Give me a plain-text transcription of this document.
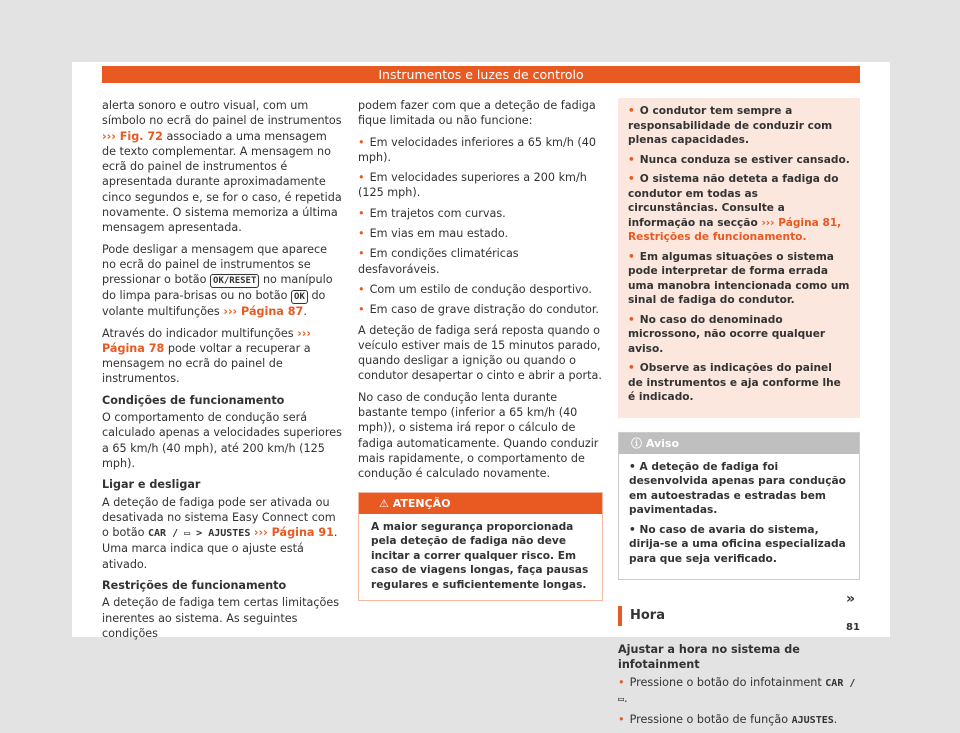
Instrumentos e luzes de controlo

alerta sonoro e outro visual, com um símbolo no ecrã do painel de instrumentos ››› Fig. 72 associado a uma mensagem de texto complementar. A mensagem no ecrã do painel de instrumentos é apresentada durante aproximadamente cinco segundos e, se for o caso, é repetida novamente. O sistema memoriza a última mensagem apresentada.

Pode desligar a mensagem que aparece no ecrã do painel de instrumentos se pressionar o botão OK/RESET no manípulo do limpa para-brisas ou no botão OK do volante multifunções ››› Página 87.

Através do indicador multifunções ››› Página 78 pode voltar a recuperar a mensagem no ecrã do painel de instrumentos.

Condições de funcionamento

O comportamento de condução será calculado apenas a velocidades superiores a 65 km/h (40 mph), até 200 km/h (125 mph).

Ligar e desligar

A deteção de fadiga pode ser ativada ou desativada no sistema Easy Connect com o botão CAR / ▭ > AJUSTES ››› Página 91. Uma marca indica que o ajuste está ativado.

Restrições de funcionamento

A deteção de fadiga tem certas limitações inerentes ao sistema. As seguintes condições

podem fazer com que a deteção de fadiga fique limitada ou não funcione:

• Em velocidades inferiores a 65 km/h (40 mph).
• Em velocidades superiores a 200 km/h (125 mph).
• Em trajetos com curvas.
• Em vias em mau estado.
• Em condições climatéricas desfavoráveis.
• Com um estilo de condução desportivo.
• Em caso de grave distração do condutor.

A deteção de fadiga será reposta quando o veículo estiver mais de 15 minutos parado, quando desligar a ignição ou quando o condutor desapertar o cinto e abrir a porta.

No caso de condução lenta durante bastante tempo (inferior a 65 km/h (40 mph)), o sistema irá repor o cálculo de fadiga automaticamente. Quando conduzir mais rapidamente, o comportamento de condução é calculado novamente.

⚠ ATENÇÃO
A maior segurança proporcionada pela deteção de fadiga não deve incitar a correr qualquer risco. Em caso de viagens longas, faça pausas regulares e suficientemente longas.
• O condutor tem sempre a responsabilidade de conduzir com plenas capacidades.
• Nunca conduza se estiver cansado.
• O sistema não deteta a fadiga do condutor em todas as circunstâncias. Consulte a informação na secção ››› Página 81, Restrições de funcionamento.
• Em algumas situações o sistema pode interpretar de forma errada uma manobra intencionada como um sinal de fadiga do condutor.
• No caso do denominado microssono, não ocorre qualquer aviso.
• Observe as indicações do painel de instrumentos e aja conforme lhe é indicado.
ⓘ Aviso
• A deteção de fadiga foi desenvolvida apenas para condução em autoestradas e estradas bem pavimentadas.
• No caso de avaria do sistema, dirija-se a uma oficina especializada para que seja verificado.
Hora

Ajustar a hora no sistema de infotainment

• Pressione o botão do infotainment CAR / ▭.
• Pressione o botão de função AJUSTES.
»
81
